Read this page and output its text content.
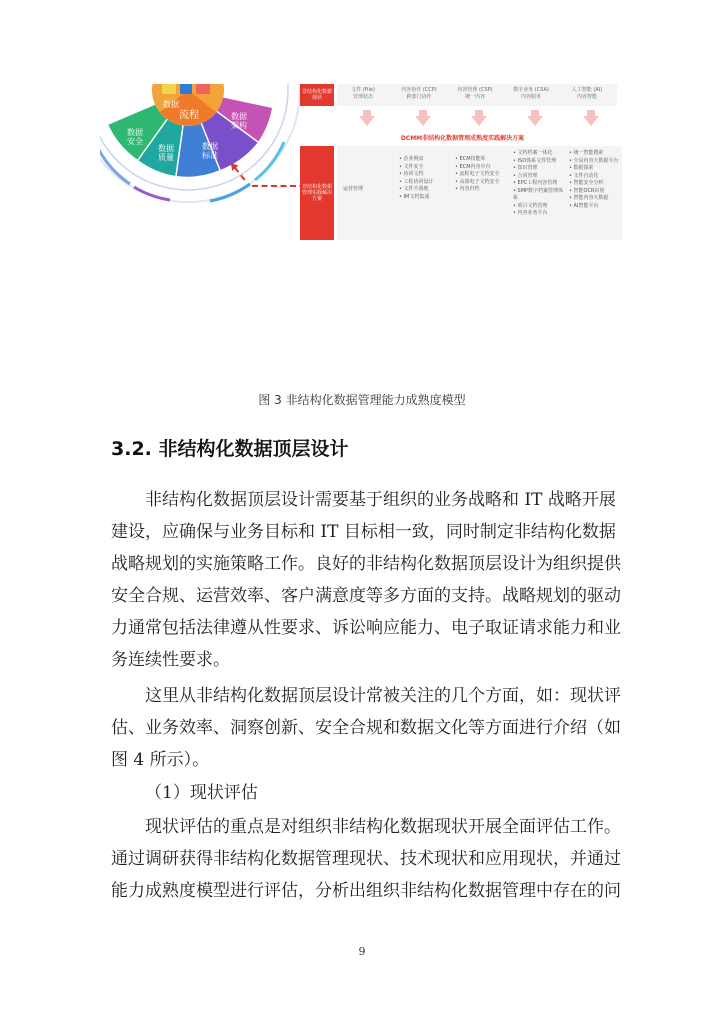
流程
数据安全
数据质量
数据标准
数据架构
数据
非结构化数据现状
文件 (File)
管理状态
内容协作 (CCP)
跨部门协作
内容管理 (CSP)
统一内容
数字业务 (CSA)
内容服务
人工智能 (AI)
内容智能
DCMM非结构化数据管理成熟度实践解决方案
非结构化数据管理实践解决方案
运营管理
• 企业网盘
• 文件安全
• 协同文档
• 工程协同设计
• 文件不落地
• IM文档集成
• ECM技能库
• ECM内容中台
• 流程电子文档安全
• 高端电子文档安全
• 内容归档
• 文档档案一体化
• ISO体系文件管理
• 知识管理
• 合同管理
• EPC工程内容管理
• SMP数字档案管理体系
• 项目文档管理
• 内容业务平台
• 统一智能搜索
• 全局内容大数据平台
• 数据探索
• 文件自动化
• 智能安全分析
• 智能OCR识别
• 智能内容大数据
• AI智能平台
图 3 非结构化数据管理能力成熟度模型
3.2. 非结构化数据顶层设计
非结构化数据顶层设计需要基于组织的业务战略和 IT 战略开展
建设，应确保与业务目标和 IT 目标相一致，同时制定非结构化数据
战略规划的实施策略工作。良好的非结构化数据顶层设计为组织提供
安全合规、运营效率、客户满意度等多方面的支持。战略规划的驱动
力通常包括法律遵从性要求、诉讼响应能力、电子取证请求能力和业
务连续性要求。
这里从非结构化数据顶层设计常被关注的几个方面，如：现状评
估、业务效率、洞察创新、安全合规和数据文化等方面进行介绍（如
图 4 所示）。
（1）现状评估
现状评估的重点是对组织非结构化数据现状开展全面评估工作。
通过调研获得非结构化数据管理现状、技术现状和应用现状，并通过
能力成熟度模型进行评估，分析出组织非结构化数据管理中存在的问
9
